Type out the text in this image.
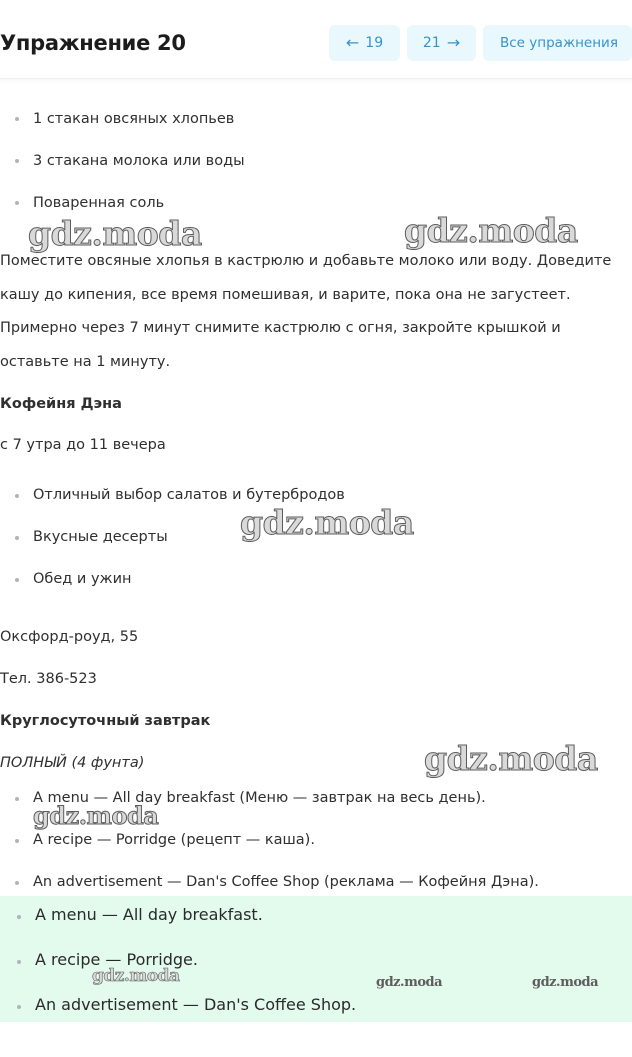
Упражнение 20	← 19	21 →	Все упражнения
1 стакан овсяных хлопьев
3 стакана молока или воды
Поваренная соль
Поместите овсяные хлопья в кастрюлю и добавьте молоко или воду. Доведите
кашу до кипения, все время помешивая, и варите, пока она не загустеет.
Примерно через 7 минут снимите кастрюлю с огня, закройте крышкой и
оставьте на 1 минуту.
Кофейня Дэна
с 7 утра до 11 вечера
Отличный выбор салатов и бутербродов
Вкусные десерты
Обед и ужин
Оксфорд-роуд, 55
Тел. 386-523
Круглосуточный завтрак
ПОЛНЫЙ (4 фунта)
A menu — All day breakfast (Меню — завтрак на весь день).
A recipe — Porridge (рецепт — каша).
An advertisement — Dan's Coffee Shop (реклама — Кофейня Дэна).
A menu — All day breakfast.
A recipe — Porridge.
An advertisement — Dan's Coffee Shop.
gdz.moda	gdz.moda
gdz.moda
gdz.moda
gdz.moda
gdz.moda	gdz.moda	gdz.moda
